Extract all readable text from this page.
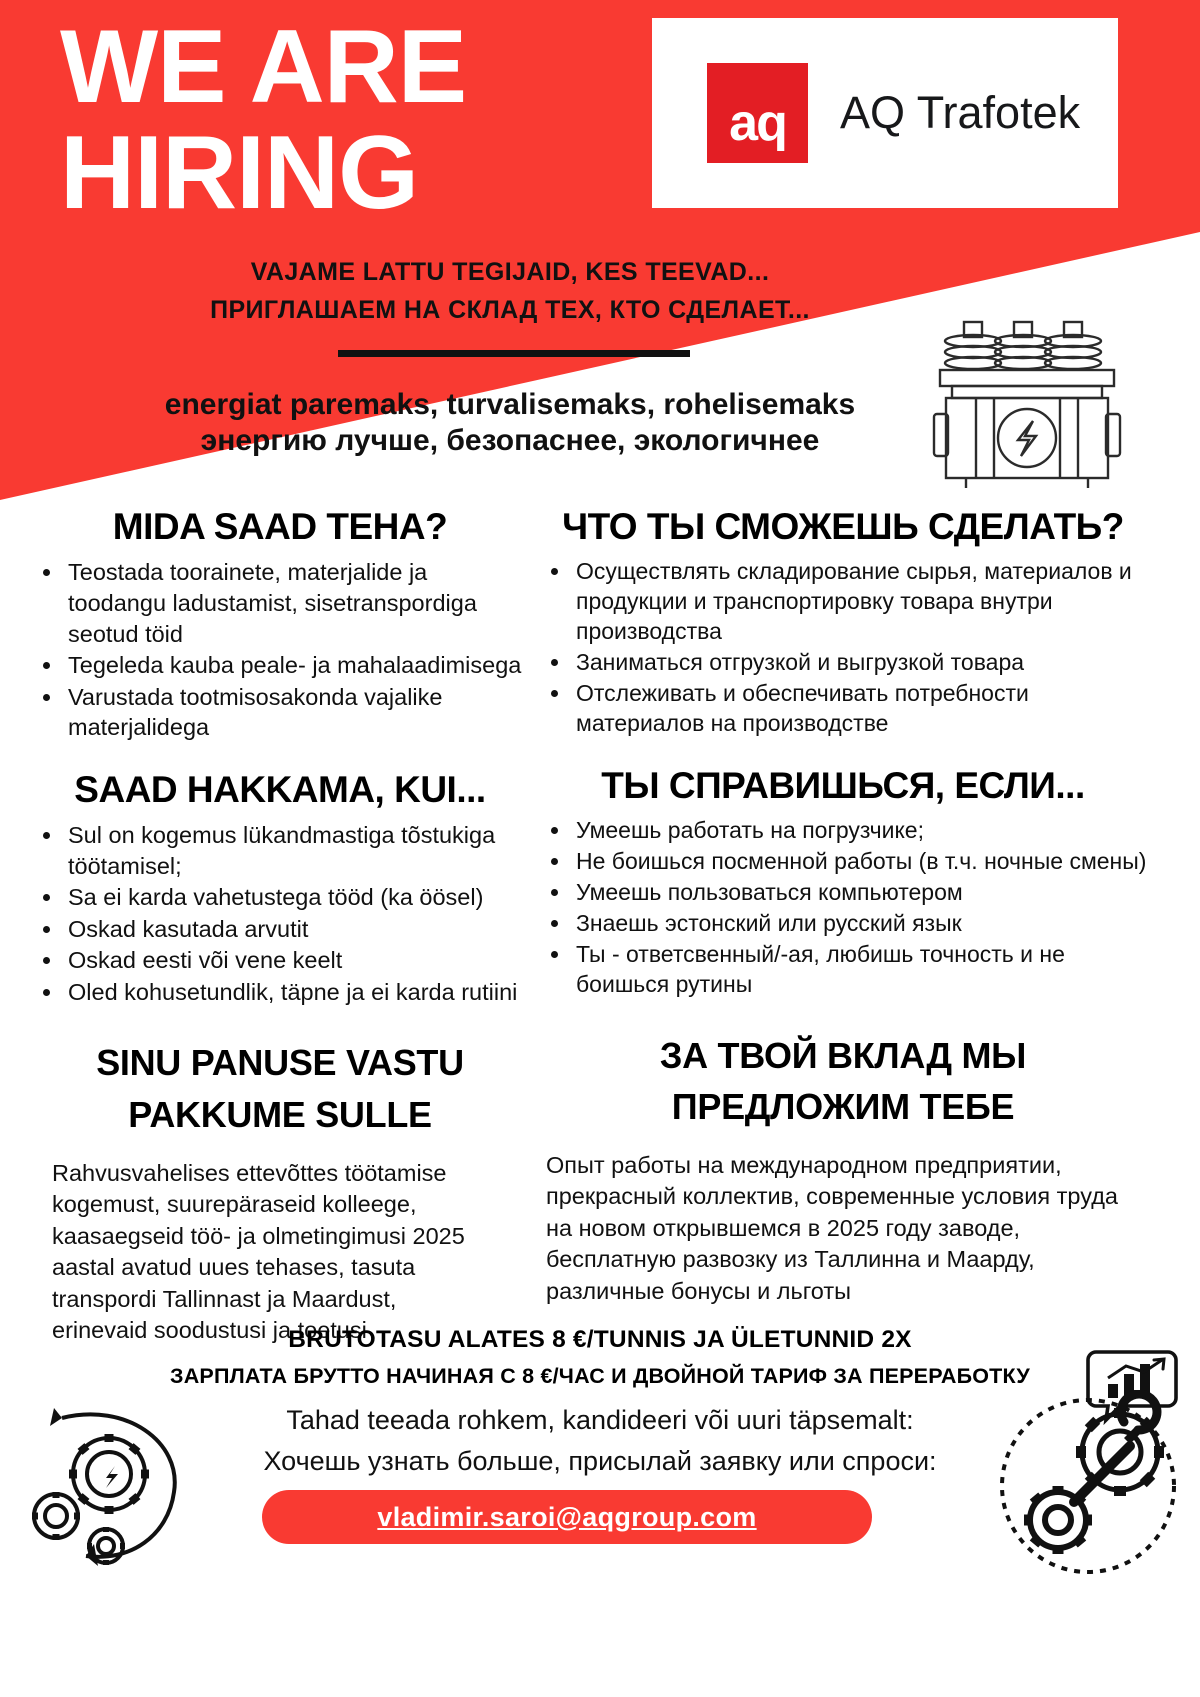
WE ARE
HIRING	aq	AQ Trafotek
VAJAME LATTU TEGIJAID, KES TEEVAD...
ПРИГЛАШАЕМ НА СКЛАД ТЕХ, КТО СДЕЛАЕТ...
energiat paremaks, turvalisemaks, rohelisemaks
энергию лучше, безопаснее, экологичнее
MIDA SAAD TEHA?
• Teostada toorainete, materjalide ja toodangu ladustamist, sisetranspordiga seotud töid
• Tegeleda kauba peale- ja mahalaadimisega
• Varustada tootmisosakonda vajalike materjalidega
SAAD HAKKAMA, KUI...
• Sul on kogemus lükandmastiga tõstukiga töötamisel;
• Sa ei karda vahetustega tööd (ka öösel)
• Oskad kasutada arvutit
• Oskad eesti või vene keelt
• Oled kohusetundlik, täpne ja ei karda rutiini
SINU PANUSE VASTU PAKKUME SULLE

Rahvusvahelises ettevõttes töötamise kogemust, suurepäraseid kolleege, kaasaegseid töö- ja olmetingimusi 2025 aastal avatud uues tehases, tasuta transpordi Tallinnast ja Maardust, erinevaid soodustusi ja toetusi

ЧТО ТЫ СМОЖЕШЬ СДЕЛАТЬ?
• Осуществлять складирование сырья, материалов и продукции и транспортировку товара внутри производства
• Заниматься отгрузкой и выгрузкой товара
• Отслеживать и обеспечивать потребности материалов на производстве
ТЫ СПРАВИШЬСЯ, ЕСЛИ...
• Умеешь работать на погрузчике;
• Не боишься посменной работы (в т.ч. ночные смены)
• Умеешь пользоваться компьютером
• Знаешь эстонский или русский язык
• Ты - ответсвенный/-ая, любишь точность и не боишься рутины
ЗА ТВОЙ ВКЛАД МЫ ПРЕДЛОЖИМ ТЕБЕ

Опыт работы на международном предприятии, прекрасный коллектив, современные условия труда на новом открывшемся в 2025 году заводе, бесплатную развозку из Таллинна и Маарду, различные бонусы и льготы

BRUTOTASU ALATES 8 €/TUNNIS JA ÜLETUNNID 2X
ЗАРПЛАТА БРУТТО НАЧИНАЯ С 8 €/ЧАС И ДВОЙНОЙ ТАРИФ ЗА ПЕРЕРАБОТКУ
Tahad teeada rohkem, kandideeri või uuri täpsemalt:
Хочешь узнать больше, присылай заявку или спроси:
vladimir.saroi@aqgroup.com
